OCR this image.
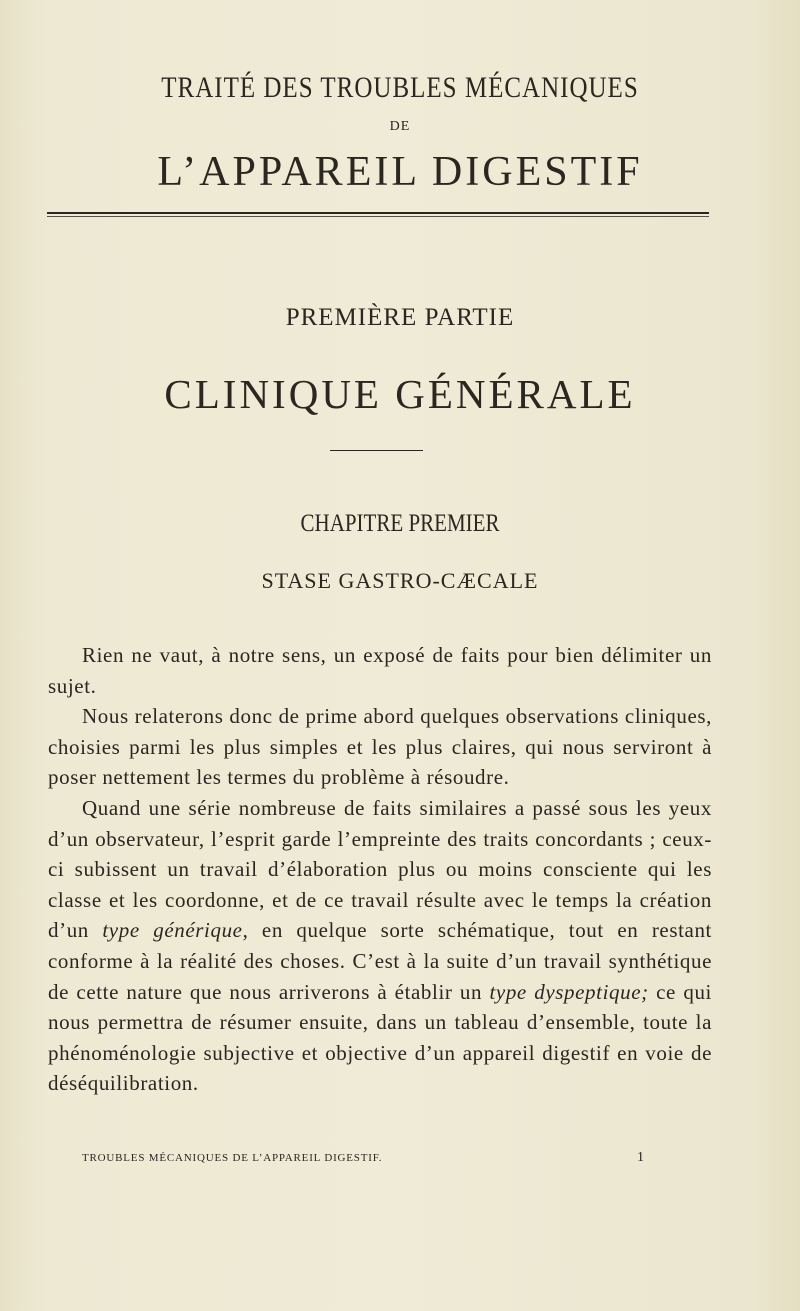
TRAITÉ DES TROUBLES MÉCANIQUES
DE
L’APPAREIL DIGESTIF
PREMIÈRE PARTIE
CLINIQUE GÉNÉRALE
CHAPITRE PREMIER
STASE GASTRO-CÆCALE

Rien ne vaut, à notre sens, un exposé de faits pour bien délimiter un sujet.

Nous relaterons donc de prime abord quelques observations cliniques, choisies parmi les plus simples et les plus claires, qui nous serviront à poser nettement les termes du problème à résoudre.

Quand une série nombreuse de faits similaires a passé sous les yeux d’un observateur, l’esprit garde l’empreinte des traits concordants ; ceux-ci subissent un travail d’élaboration plus ou moins consciente qui les classe et les coordonne, et de ce travail résulte avec le temps la création d’un type générique, en quelque sorte schématique, tout en restant conforme à la réalité des choses. C’est à la suite d’un travail synthétique de cette nature que nous arriverons à établir un type dyspeptique; ce qui nous permettra de résumer ensuite, dans un tableau d’ensemble, toute la phénoménologie subjective et objective d’un appareil digestif en voie de déséquilibration.

TROUBLES MÉCANIQUES DE L’APPAREIL DIGESTIF.	1
